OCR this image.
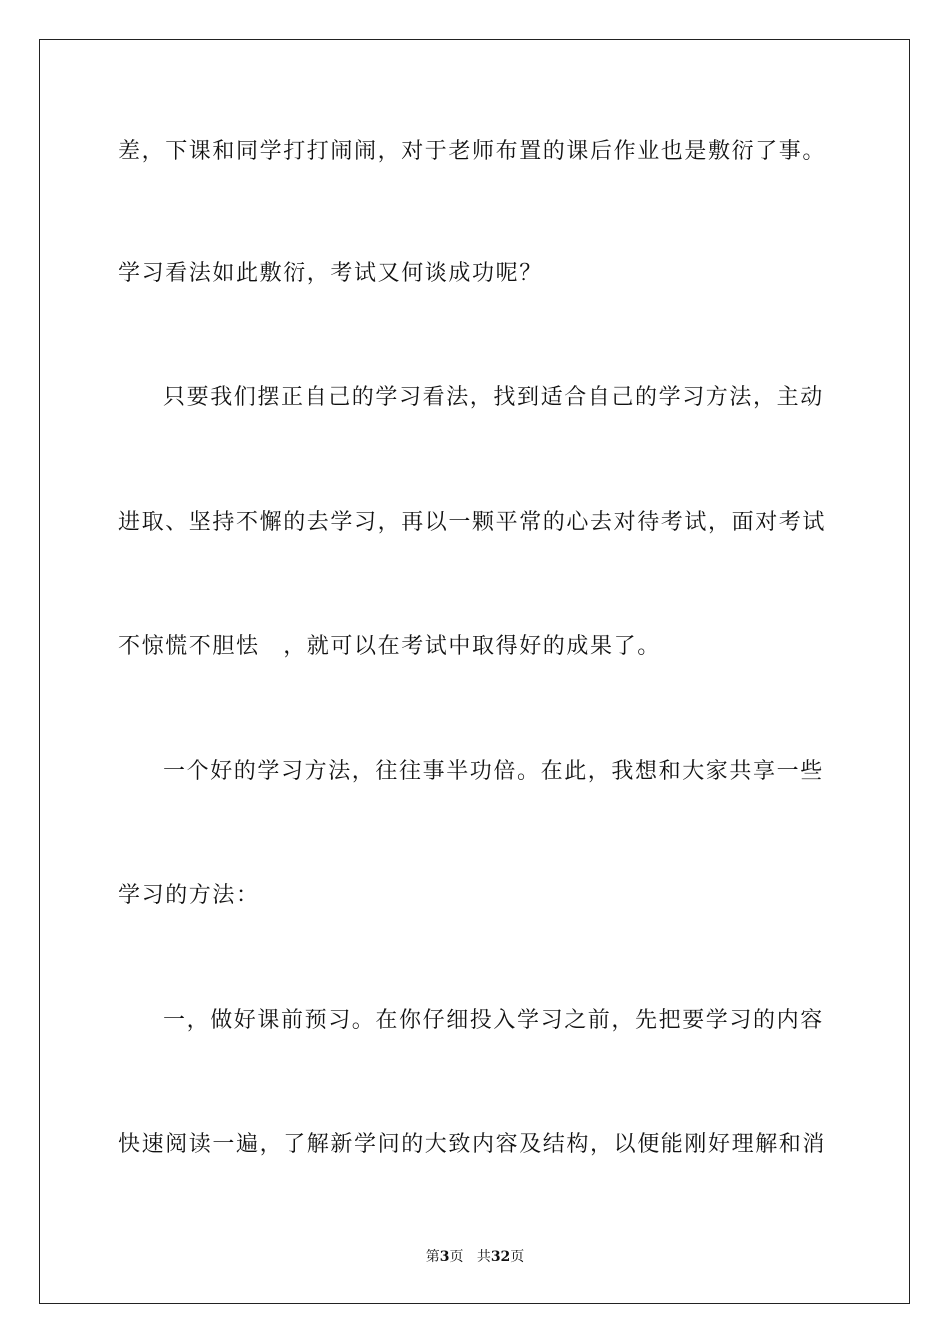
差，下课和同学打打闹闹，对于老师布置的课后作业也是敷衍了事。
学习看法如此敷衍，考试又何谈成功呢？
只要我们摆正自己的学习看法，找到适合自己的学习方法，主动
进取、坚持不懈的去学习，再以一颗平常的心去对待考试，面对考试
不惊慌不胆怯　，就可以在考试中取得好的成果了。
一个好的学习方法，往往事半功倍。在此，我想和大家共享一些
学习的方法：
一，做好课前预习。在你仔细投入学习之前，先把要学习的内容
快速阅读一遍，了解新学问的大致内容及结构，以便能刚好理解和消
第3页 共32页
